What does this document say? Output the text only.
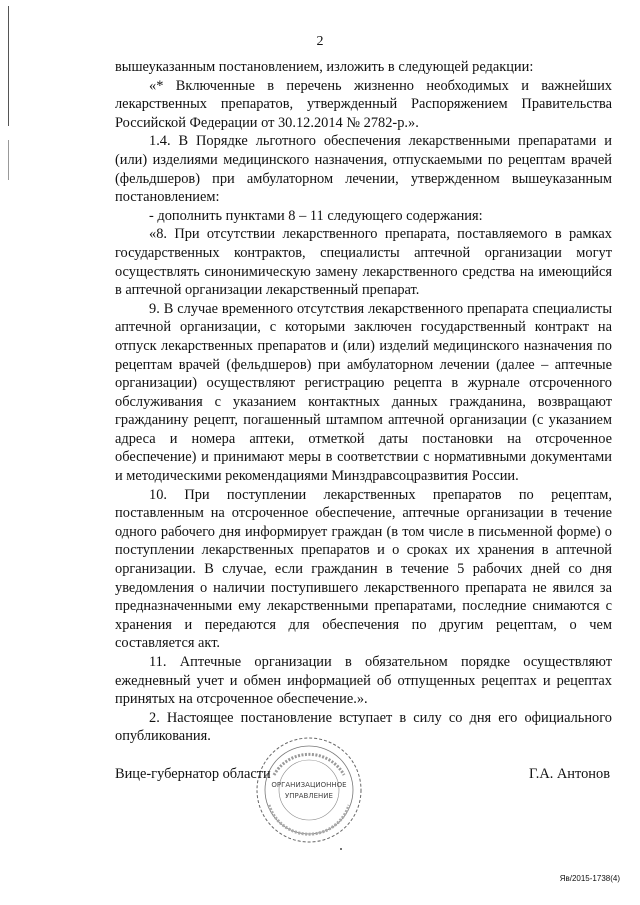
2

вышеуказанным постановлением, изложить в следующей редакции:

«* Включенные в перечень жизненно необходимых и важнейших лекарственных препаратов, утвержденный Распоряжением Правительства Российской Федерации от 30.12.2014 № 2782-р.».

1.4. В Порядке льготного обеспечения лекарственными препаратами и (или) изделиями медицинского назначения, отпускаемыми по рецептам врачей (фельдшеров) при амбулаторном лечении, утвержденном вышеуказанным постановлением:

- дополнить пунктами 8 – 11 следующего содержания:

«8. При отсутствии лекарственного препарата, поставляемого в рамках государственных контрактов, специалисты аптечной организации могут осуществлять синонимическую замену лекарственного средства на имеющийся в аптечной организации лекарственный препарат.

9. В случае временного отсутствия лекарственного препарата специалисты аптечной организации, с которыми заключен государственный контракт на отпуск лекарственных препаратов и (или) изделий медицинского назначения по рецептам врачей (фельдшеров) при амбулаторном лечении (далее – аптечные организации) осуществляют регистрацию рецепта в журнале отсроченного обслуживания с указанием контактных данных гражданина, возвращают гражданину рецепт, погашенный штампом аптечной организации (с указанием адреса и номера аптеки, отметкой даты постановки на отсроченное обеспечение) и принимают меры в соответствии с нормативными документами и методическими рекомендациями Минздравсоцразвития России.

10. При поступлении лекарственных препаратов по рецептам, поставленным на отсроченное обеспечение, аптечные организации в течение одного рабочего дня информирует граждан (в том числе в письменной форме) о поступлении лекарственных препаратов и о сроках их хранения в аптечной организации. В случае, если гражданин в течение 5 рабочих дней со дня уведомления о наличии поступившего лекарственного препарата не явился за предназначенными ему лекарственными препаратами, последние снимаются с хранения и передаются для обеспечения по другим рецептам, о чем составляется акт.

11. Аптечные организации в обязательном порядке осуществляют ежедневный учет и обмен информацией об отпущенных рецептах и рецептах принятых на отсроченное обеспечение.».

2. Настоящее постановление вступает в силу со дня его официального опубликования.

ОРГАНИЗАЦИОННОЕ
УПРАВЛЕНИЕ
Вице-губернатор области	Г.А. Антонов
Яв/2015-1738(4)
